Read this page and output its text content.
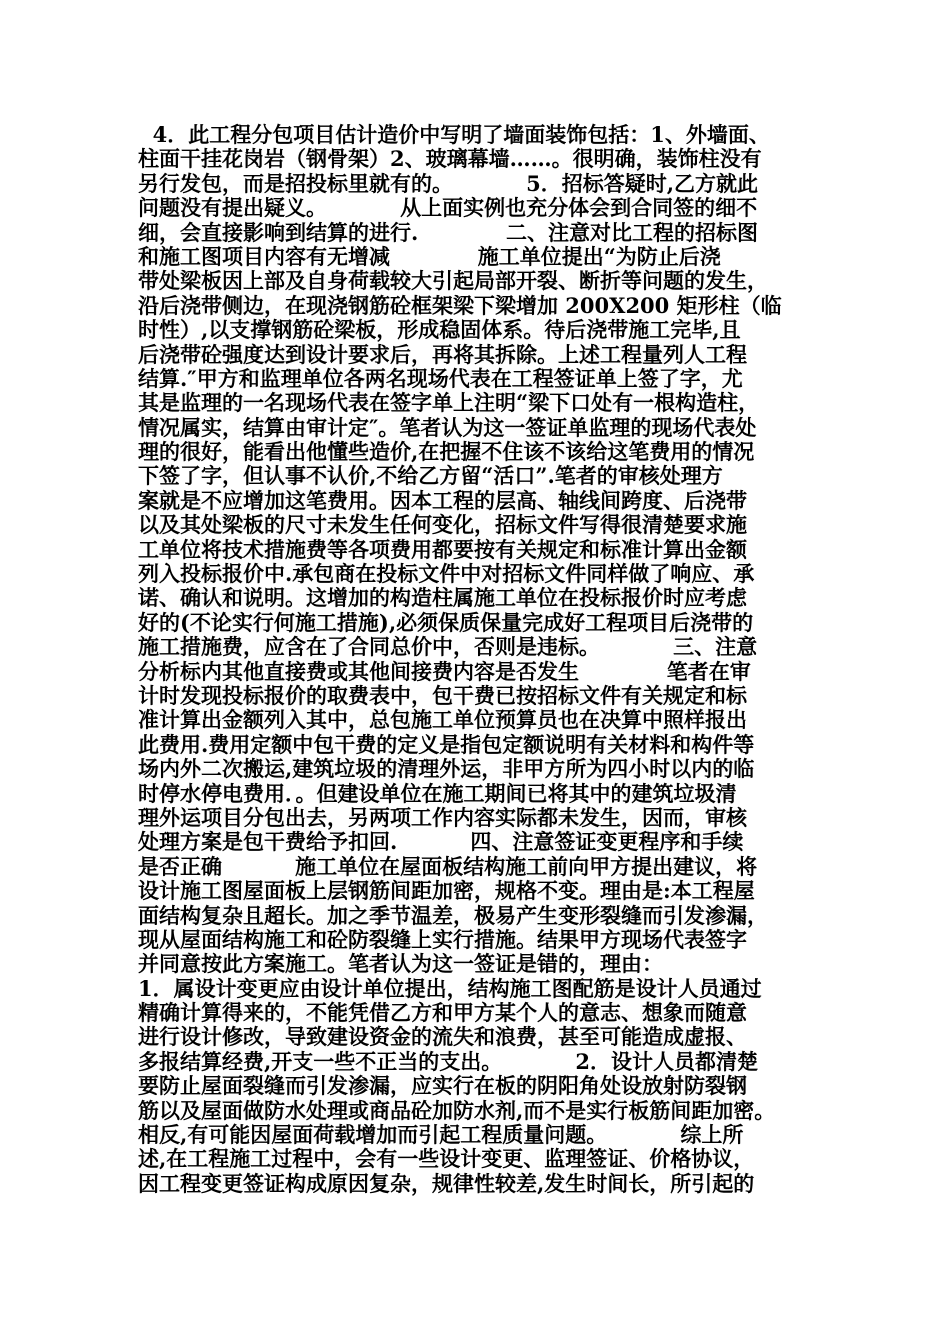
4．此工程分包项目估计造价中写明了墙面装饰包括：1、外墙面、
柱面干挂花岗岩（钢骨架）2、玻璃幕墙……。很明确，装饰柱没有
另行发包，而是招投标里就有的。          5．招标答疑时,乙方就此
问题没有提出疑义。          从上面实例也充分体会到合同签的细不
细，会直接影响到结算的进行.            二、注意对比工程的招标图
和施工图项目内容有无增减            施工单位提出“为防止后浇
带处梁板因上部及自身荷载较大引起局部开裂、断折等问题的发生，
沿后浇带侧边，在现浇钢筋砼框架梁下梁增加 200X200 矩形柱（临
时性）,以支撑钢筋砼梁板，形成稳固体系。待后浇带施工完毕,且
后浇带砼强度达到设计要求后，再将其拆除。上述工程量列人工程
结算.″甲方和监理单位各两名现场代表在工程签证单上签了字，尤
其是监理的一名现场代表在签字单上注明“梁下口处有一根构造柱，
情况属实，结算由审计定″。笔者认为这一签证单监理的现场代表处
理的很好，能看出他懂些造价,在把握不住该不该给这笔费用的情况
下签了字，但认事不认价,不给乙方留“活口”.笔者的审核处理方
案就是不应增加这笔费用。因本工程的层高、轴线间跨度、后浇带
以及其处梁板的尺寸未发生任何变化，招标文件写得很清楚要求施
工单位将技术措施费等各项费用都要按有关规定和标准计算出金额
列入投标报价中.承包商在投标文件中对招标文件同样做了响应、承
诺、确认和说明。这增加的构造柱属施工单位在投标报价时应考虑
好的(不论实行何施工措施),必须保质保量完成好工程项目后浇带的
施工措施费，应含在了合同总价中，否则是违标。          三、注意
分析标内其他直接费或其他间接费内容是否发生            笔者在审
计时发现投标报价的取费表中，包干费已按招标文件有关规定和标
准计算出金额列入其中，总包施工单位预算员也在决算中照样报出
此费用.费用定额中包干费的定义是指包定额说明有关材料和构件等
场内外二次搬运,建筑垃圾的清理外运，非甲方所为四小时以内的临
时停水停电费用．。但建设单位在施工期间已将其中的建筑垃圾清
理外运项目分包出去，另两项工作内容实际都未发生，因而，审核
处理方案是包干费给予扣回.          四、注意签证变更程序和手续
是否正确          施工单位在屋面板结构施工前向甲方提出建议，将
设计施工图屋面板上层钢筋间距加密，规格不变。理由是:本工程屋
面结构复杂且超长。加之季节温差，极易产生变形裂缝而引发渗漏，
现从屋面结构施工和砼防裂缝上实行措施。结果甲方现场代表签字
并同意按此方案施工。笔者认为这一签证是错的，理由：
1．属设计变更应由设计单位提出，结构施工图配筋是设计人员通过
精确计算得来的，不能凭借乙方和甲方某个人的意志、想象而随意
进行设计修改，导致建设资金的流失和浪费，甚至可能造成虚报、
多报结算经费,开支一些不正当的支出。          2．设计人员都清楚
要防止屋面裂缝而引发渗漏，应实行在板的阴阳角处设放射防裂钢
筋以及屋面做防水处理或商品砼加防水剂,而不是实行板筋间距加密。
相反,有可能因屋面荷载增加而引起工程质量问题。          综上所
述,在工程施工过程中，会有一些设计变更、监理签证、价格协议，
因工程变更签证构成原因复杂，规律性较差,发生时间长，所引起的
